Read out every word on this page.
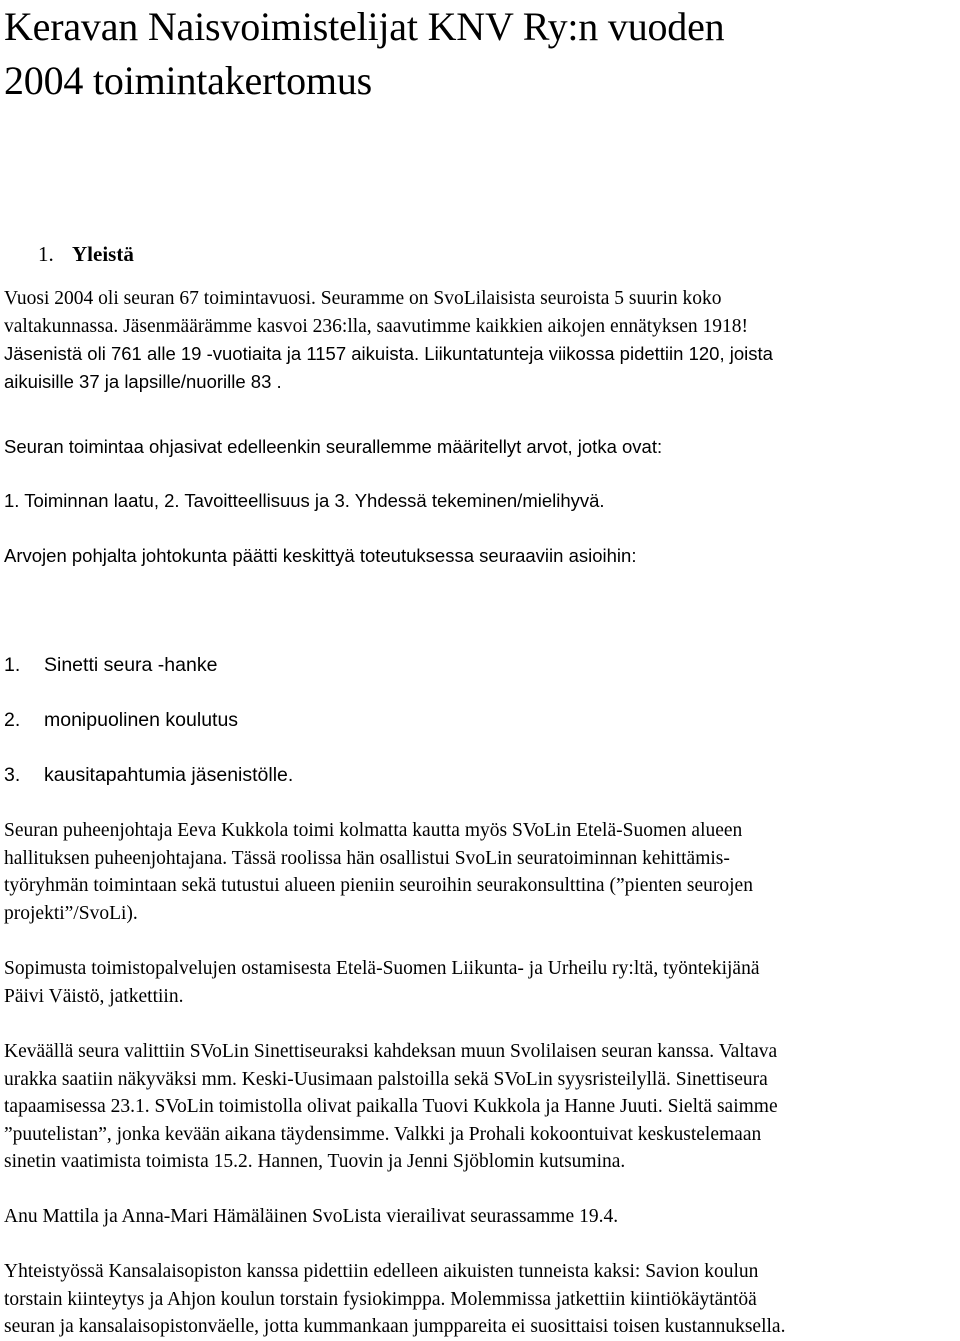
Keravan Naisvoimistelijat KNV Ry:n vuoden
2004 toimintakertomus
1. Yleistä

Vuosi 2004 oli seuran 67 toimintavuosi. Seuramme on SvoLilaisista seuroista 5 suurin koko
valtakunnassa. Jäsenmäärämme kasvoi 236:lla, saavutimme kaikkien aikojen ennätyksen 1918!
Jäsenistä oli 761 alle 19 -vuotiaita ja 1157 aikuista. Liikuntatunteja viikossa pidettiin 120, joista
aikuisille 37 ja lapsille/nuorille 83 .

Seuran toimintaa ohjasivat edelleenkin seurallemme määritellyt arvot, jotka ovat:

1. Toiminnan laatu, 2. Tavoitteellisuus ja 3. Yhdessä tekeminen/mielihyvä.

Arvojen pohjalta johtokunta päätti keskittyä toteutuksessa seuraaviin asioihin:

1. Sinetti seura -hanke

2. monipuolinen koulutus

3. kausitapahtumia jäsenistölle.

Seuran puheenjohtaja Eeva Kukkola toimi kolmatta kautta myös SVoLin Etelä-Suomen alueen
hallituksen puheenjohtajana. Tässä roolissa hän osallistui SvoLin seuratoiminnan kehittämis-
työryhmän toimintaan sekä tutustui alueen pieniin seuroihin seurakonsulttina (”pienten seurojen
projekti”/SvoLi).

Sopimusta toimistopalvelujen ostamisesta Etelä-Suomen Liikunta- ja Urheilu ry:ltä, työntekijänä
Päivi Väistö, jatkettiin.

Keväällä seura valittiin SVoLin Sinettiseuraksi kahdeksan muun Svolilaisen seuran kanssa. Valtava
urakka saatiin näkyväksi mm. Keski-Uusimaan palstoilla sekä SVoLin syysristeilyllä. Sinettiseura
tapaamisessa 23.1. SVoLin toimistolla olivat paikalla Tuovi Kukkola ja Hanne Juuti. Sieltä saimme
”puutelistan”, jonka kevään aikana täydensimme. Valkki ja Prohali kokoontuivat keskustelemaan
sinetin vaatimista toimista 15.2. Hannen, Tuovin ja Jenni Sjöblomin kutsumina.

Anu Mattila ja Anna-Mari Hämäläinen SvoLista vierailivat seurassamme 19.4.

Yhteistyössä Kansalaisopiston kanssa pidettiin edelleen aikuisten tunneista kaksi: Savion koulun
torstain kiinteytys ja Ahjon koulun torstain fysiokimppa. Molemmissa jatkettiin kiintiökäytäntöä
seuran ja kansalaisopistonväelle, jotta kummankaan jumppareita ei suosittaisi toisen kustannuksella.
